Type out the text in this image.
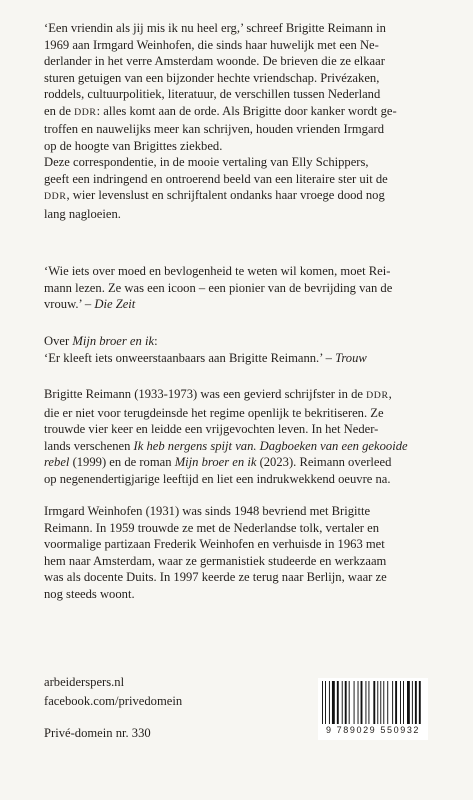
‘Een vriendin als jij mis ik nu heel erg,’ schreef Brigitte Reimann in

1969 aan Irmgard Weinhofen, die sinds haar huwelijk met een Ne-

derlander in het verre Amsterdam woonde. De brieven die ze elkaar

sturen getuigen van een bijzonder hechte vriendschap. Privézaken,

roddels, cultuurpolitiek, literatuur, de verschillen tussen Nederland

en de DDR: alles komt aan de orde. Als Brigitte door kanker wordt ge-

troffen en nauwelijks meer kan schrijven, houden vrienden Irmgard

op de hoogte van Brigittes ziekbed.

Deze correspondentie, in de mooie vertaling van Elly Schippers,

geeft een indringend en ontroerend beeld van een literaire ster uit de

DDR, wier levenslust en schrijftalent ondanks haar vroege dood nog

lang nagloeien.

‘Wie iets over moed en bevlogenheid te weten wil komen, moet Rei-

mann lezen. Ze was een icoon – een pionier van de bevrijding van de

vrouw.’ – Die Zeit

Over Mijn broer en ik:

‘Er kleeft iets onweerstaanbaars aan Brigitte Reimann.’ – Trouw

Brigitte Reimann (1933-1973) was een gevierd schrijfster in de DDR,

die er niet voor terugdeinsde het regime openlijk te bekritiseren. Ze

trouwde vier keer en leidde een vrijgevochten leven. In het Neder-

lands verschenen Ik heb nergens spijt van. Dagboeken van een gekooide

rebel (1999) en de roman Mijn broer en ik (2023). Reimann overleed

op negenendertigjarige leeftijd en liet een indrukwekkend oeuvre na.

Irmgard Weinhofen (1931) was sinds 1948 bevriend met Brigitte

Reimann. In 1959 trouwde ze met de Nederlandse tolk, vertaler en

voormalige partizaan Frederik Weinhofen en verhuisde in 1963 met

hem naar Amsterdam, waar ze germanistiek studeerde en werkzaam

was als docente Duits. In 1997 keerde ze terug naar Berlijn, waar ze

nog steeds woont.

arbeiderspers.nl
facebook.com/privedomein
Privé-domein nr. 330	9 789029 550932
